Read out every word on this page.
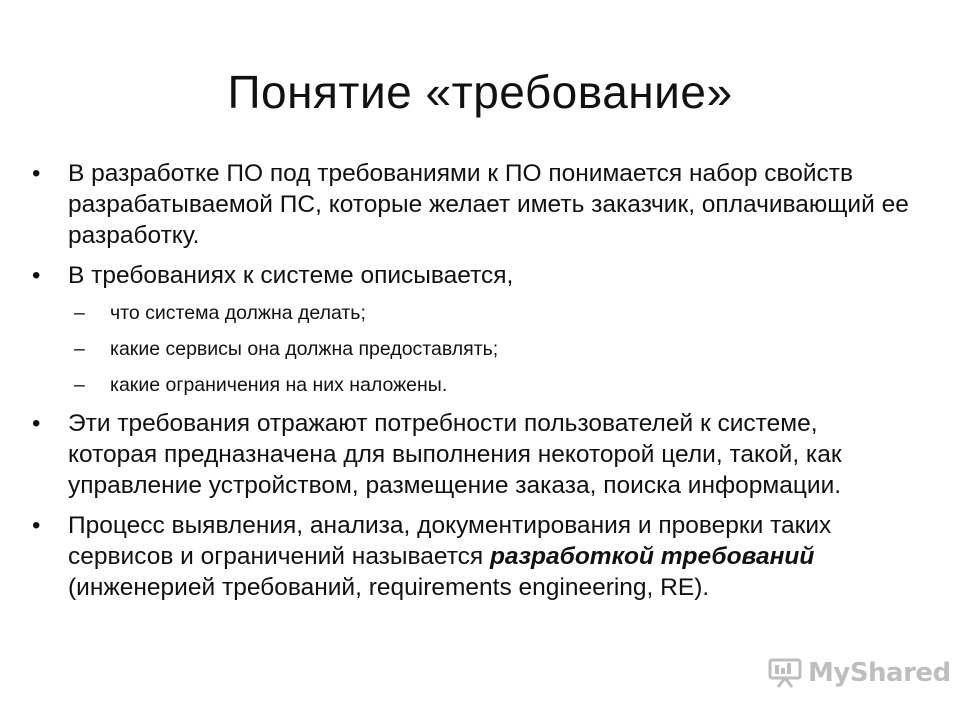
Понятие «требование»
• В разработке ПО под требованиями к ПО понимается набор свойств разрабатываемой ПС, которые желает иметь заказчик, оплачивающий ее разработку.
• В требованиях к системе описывается,
– что система должна делать;
– какие сервисы она должна предоставлять;
– какие ограничения на них наложены.
• Эти требования отражают потребности пользователей к системе, которая предназначена для выполнения некоторой цели, такой, как управление устройством, размещение заказа, поиска информации.
• Процесс выявления, анализа, документирования и проверки таких сервисов и ограничений называется разработкой требований (инженерией требований, requirements engineering, RE).
MyShared
